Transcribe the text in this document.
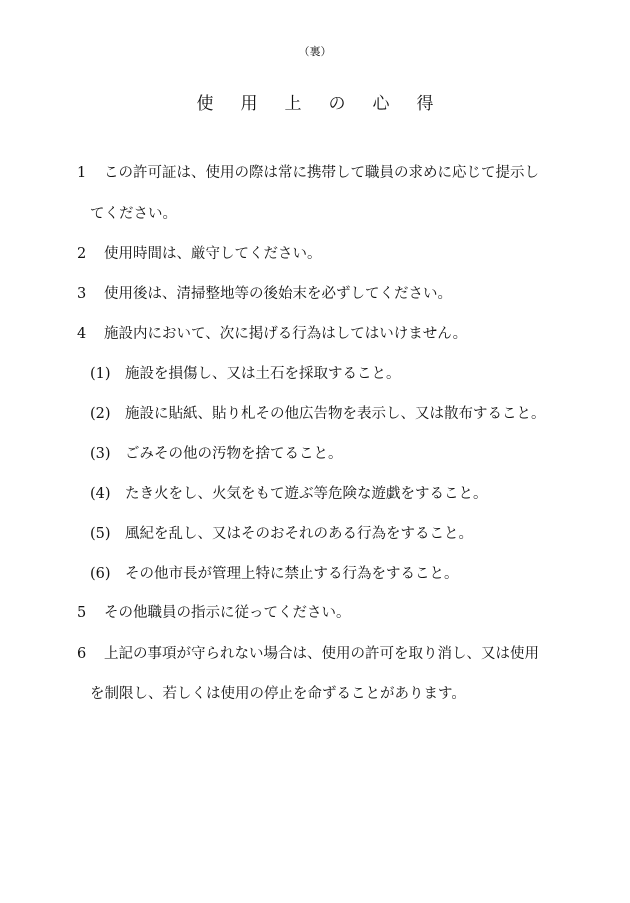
（裏）
使用上の心得
1 この許可証は、使用の際は常に携帯して職員の求めに応じて提示し
てください。
2 使用時間は、厳守してください。
3 使用後は、清掃整地等の後始末を必ずしてください。
4 施設内において、次に掲げる行為はしてはいけません。
(1) 施設を損傷し、又は土石を採取すること。
(2) 施設に貼紙、貼り札その他広告物を表示し、又は散布すること。
(3) ごみその他の汚物を捨てること。
(4) たき火をし、火気をもて遊ぶ等危険な遊戯をすること。
(5) 風紀を乱し、又はそのおそれのある行為をすること。
(6) その他市長が管理上特に禁止する行為をすること。
5 その他職員の指示に従ってください。
6 上記の事項が守られない場合は、使用の許可を取り消し、又は使用
を制限し、若しくは使用の停止を命ずることがあります。
